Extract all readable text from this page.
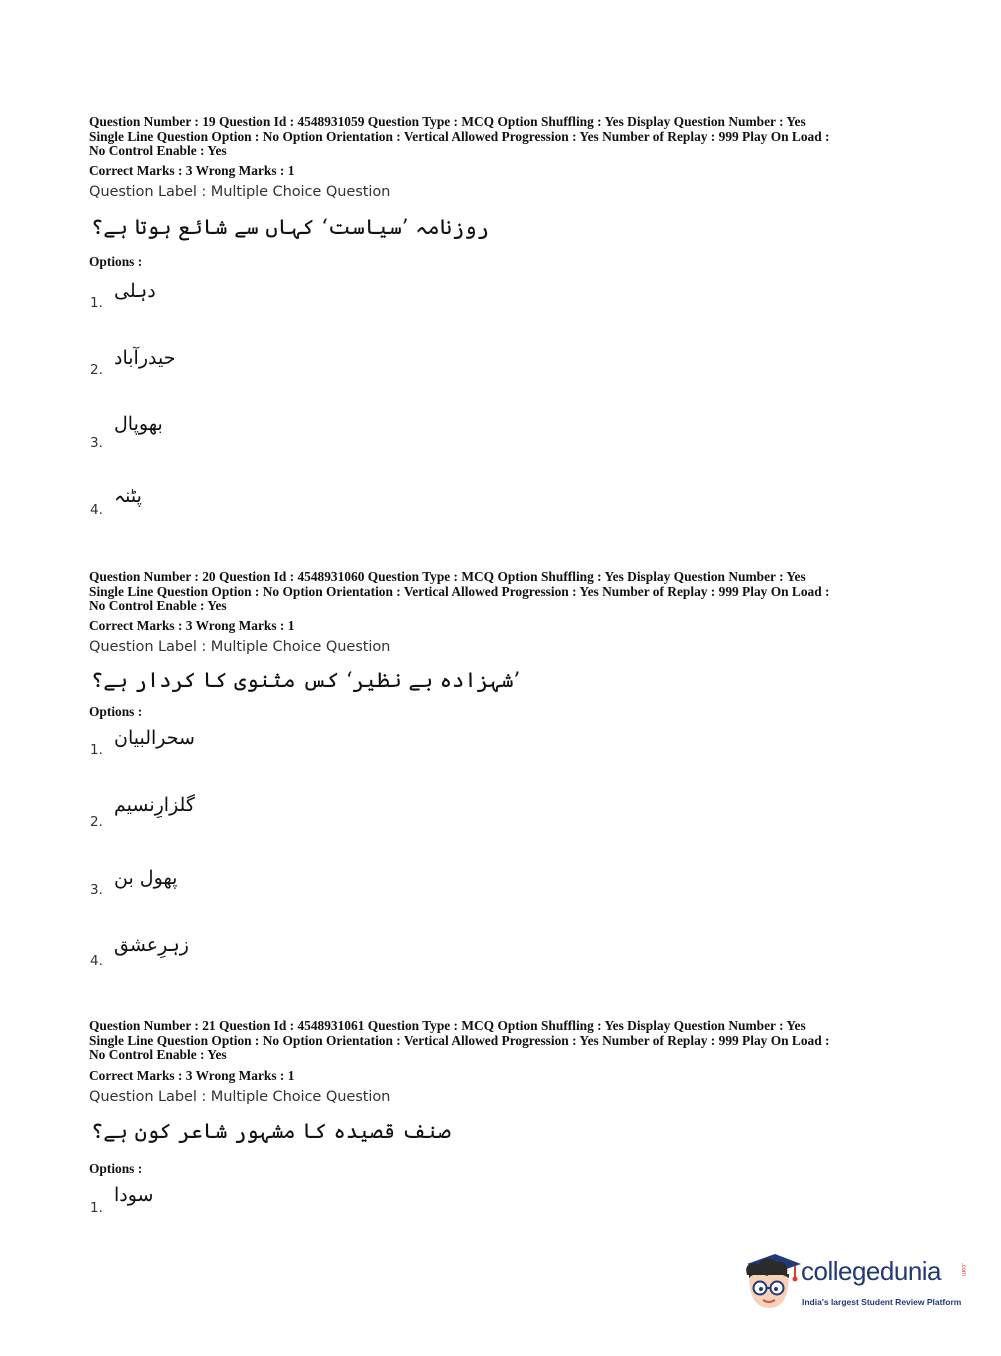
Question Number : 19 Question Id : 4548931059 Question Type : MCQ Option Shuffling : Yes Display Question Number : Yes

Single Line Question Option : No Option Orientation : Vertical Allowed Progression : Yes Number of Replay : 999 Play On Load :

No Control Enable : Yes

Correct Marks : 3 Wrong Marks : 1
Question Label : Multiple Choice Question
روزنامہ ’سیاست‘ کہاں سے شائع ہوتا ہے؟
Options :
1.
دہلی
2.
حیدرآباد
3.
بھوپال
4.
پٹنہ

Question Number : 20 Question Id : 4548931060 Question Type : MCQ Option Shuffling : Yes Display Question Number : Yes

Single Line Question Option : No Option Orientation : Vertical Allowed Progression : Yes Number of Replay : 999 Play On Load :

No Control Enable : Yes

Correct Marks : 3 Wrong Marks : 1
Question Label : Multiple Choice Question
’شہزادہ بے نظیر‘ کس مثنوی کا کردار ہے؟
Options :
1.
سحرالبیان
2.
گلزارِنسیم
3.
پھول بن
4.
زہرِعشق

Question Number : 21 Question Id : 4548931061 Question Type : MCQ Option Shuffling : Yes Display Question Number : Yes

Single Line Question Option : No Option Orientation : Vertical Allowed Progression : Yes Number of Replay : 999 Play On Load :

No Control Enable : Yes

Correct Marks : 3 Wrong Marks : 1
Question Label : Multiple Choice Question
صنف قصیدہ کا مشہور شاعر کون ہے؟
Options :
1.
سودا
collegedunia	.com
India's largest Student Review Platform
